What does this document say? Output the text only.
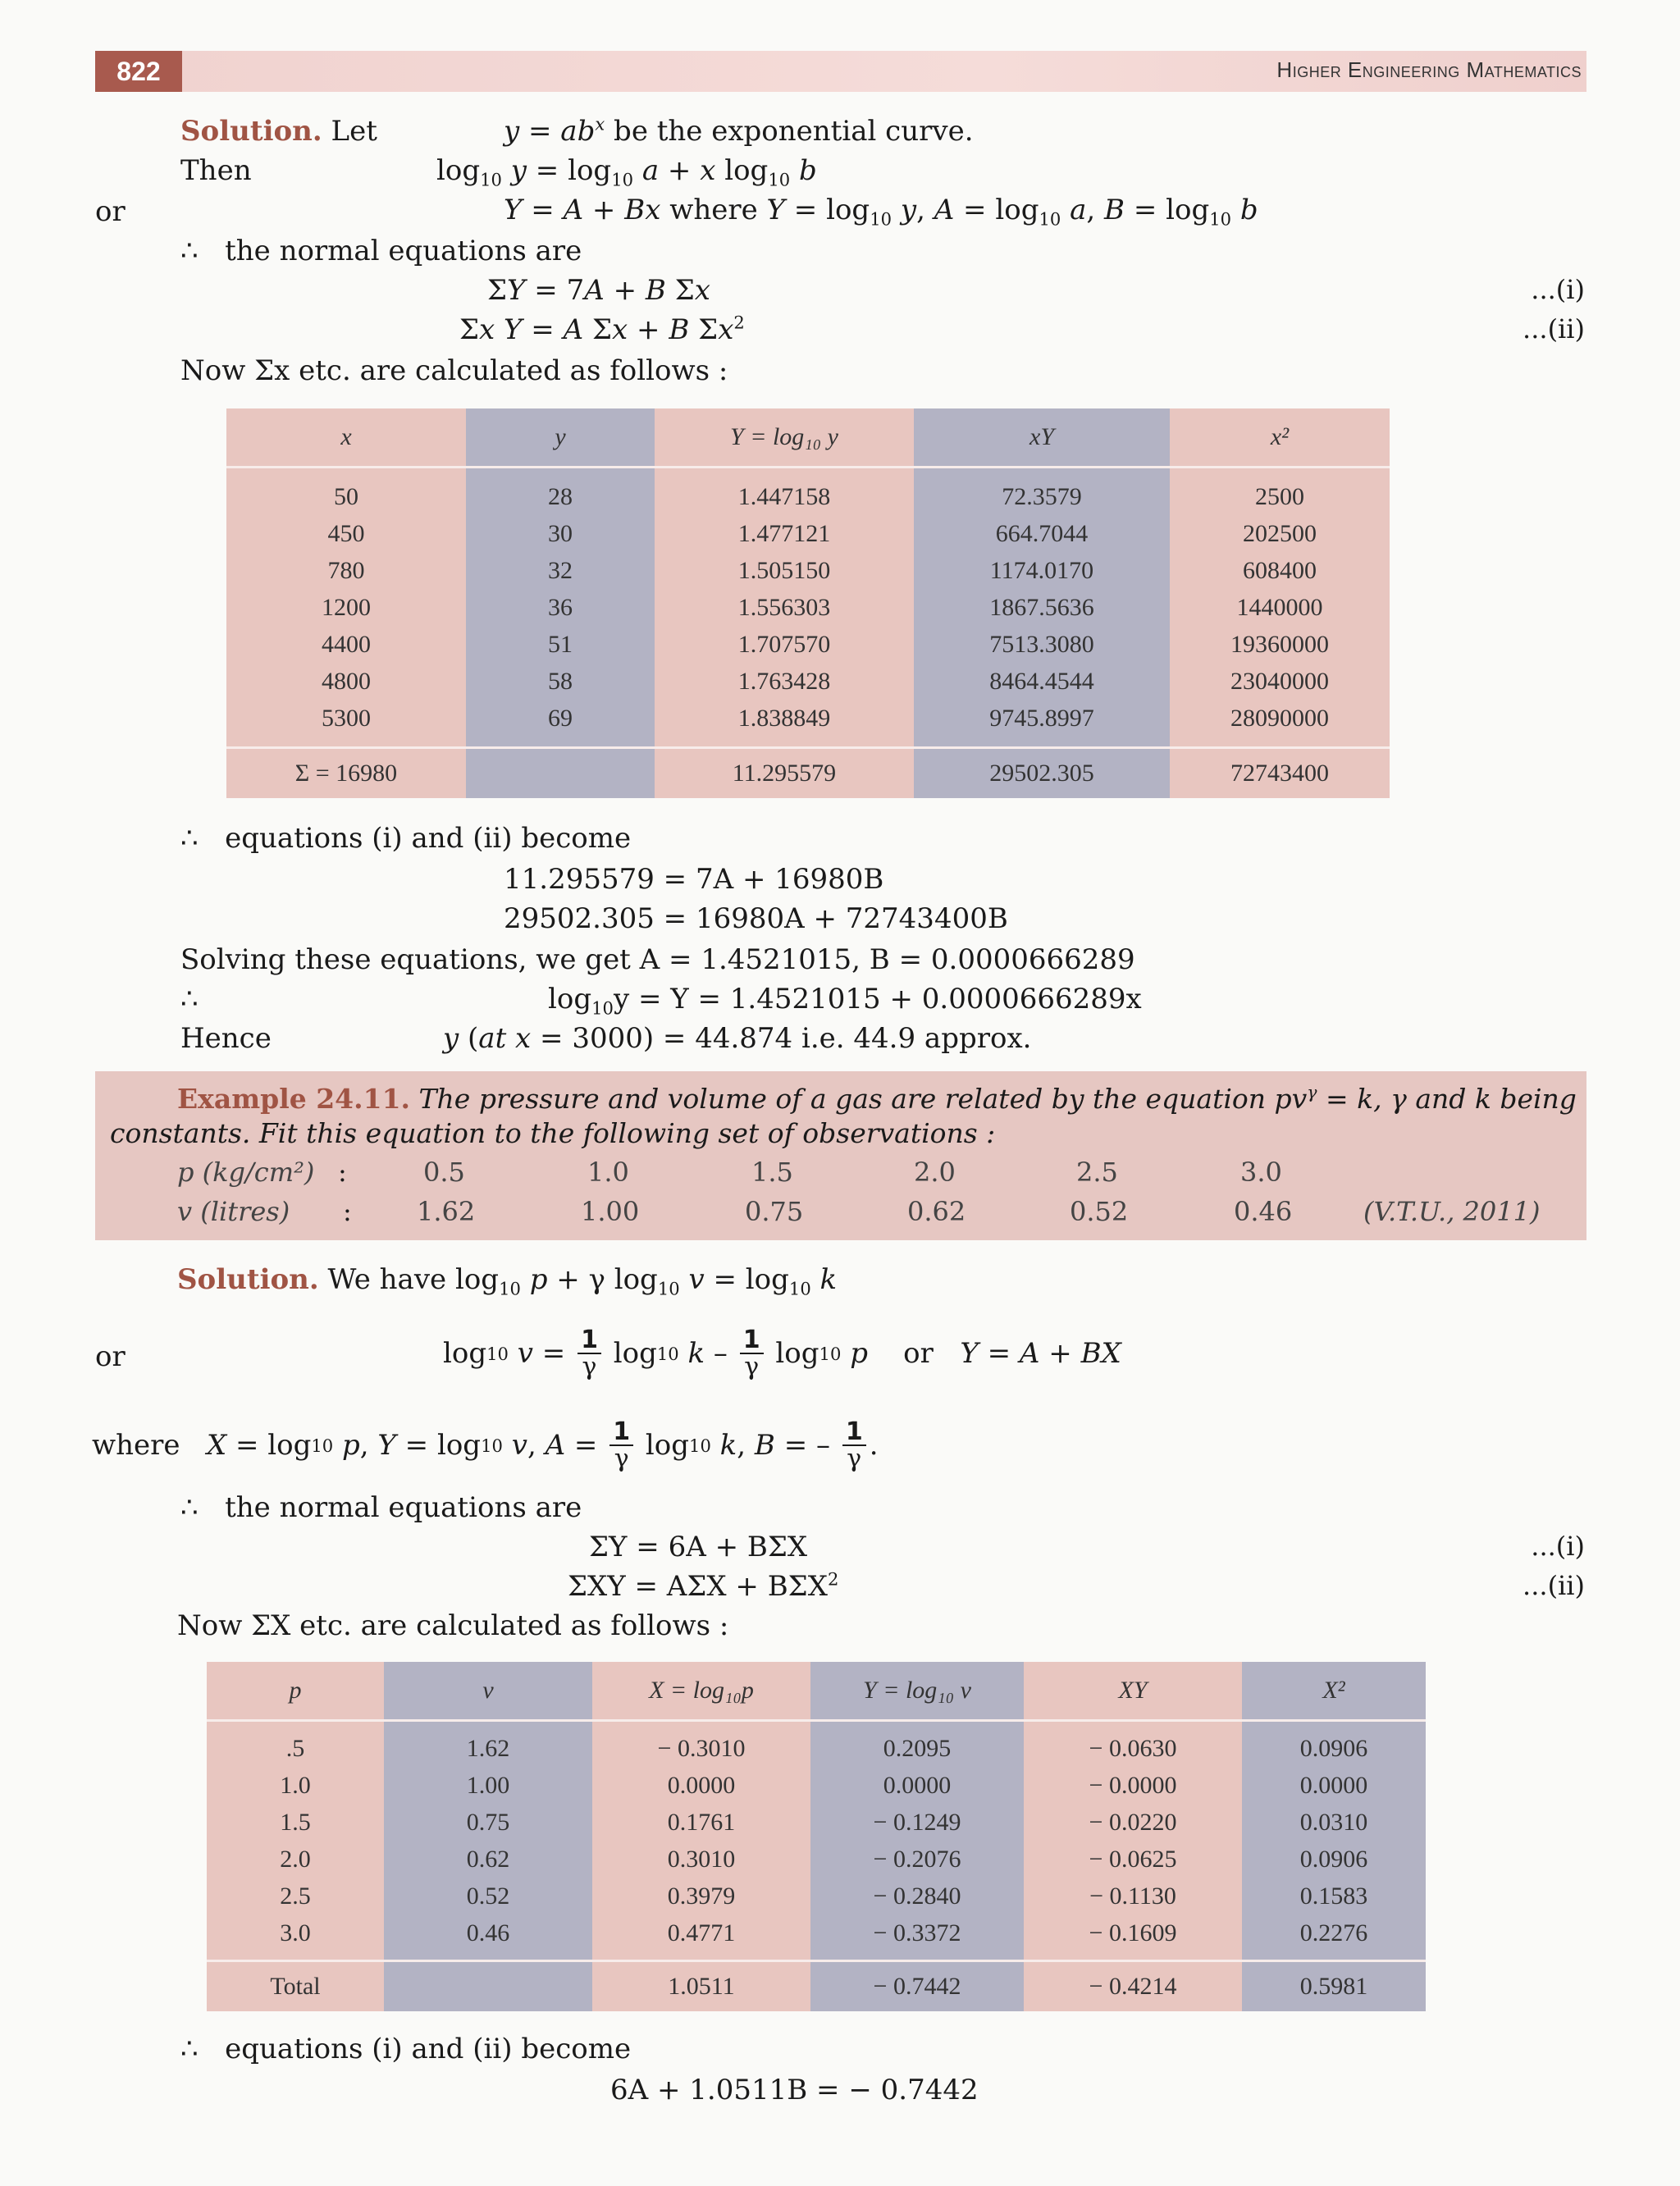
822	Higher Engineering Mathematics
Solution. Let	$y = ab^x$ be the exponential curve.
Then	$\log_{10} y = \log_{10} a + x$ $\log_{10} b$
or	Y = A + Bx where $Y = \log_{10} y$, $A = \log_{10} a$, $B = \log_{10} b$
∴ the normal equations are
ΣY = 7A + B Σx	...(i)
Σx Y = A Σx + B $\Sigma x^2$	...(ii)
Now Σx etc. are calculated as follows :
x	y	Y = log₁₀ y	xY	x²
50	28	1.447158	72.3579	2500
450	30	1.477121	664.7044	202500
780	32	1.505150	1174.0170	608400
1200	36	1.556303	1867.5636	1440000
4400	51	1.707570	7513.3080	19360000
4800	58	1.763428	8464.4544	23040000
5300	69	1.838849	9745.8997	28090000
Σ = 16980		11.295579	29502.305	72743400
∴ equations (i) and (ii) become
11.295579 = 7A + 16980B
29502.305 = 16980A + 72743400B
Solving these equations, we get A = 1.4521015, B = 0.0000666289
∴	$\log_{10}y = Y = 1.4521015 + 0.0000666289x$
Hence	y (at x = 3000) = 44.874 i.e. 44.9 approx.
Example 24.11. The pressure and volume of a gas are related by the equation $pv^\gamma = k$, γ and k being
constants. Fit this equation to the following set of observations :
p (kg/cm²) :	0.5	1.0	1.5	2.0	2.5	3.0
v (litres) : 1.62	1.00	0.75	0.62	0.52	0.46	(V.T.U., 2011)
Solution. We have $\log_{10} p + \gamma$ $\log_{10} v = \log_{10} k$
or	log 10
$v = \frac{1}{\gamma}$ log 10
k – $\frac{1}{\gamma}$ log 10
p or Y = A + BX
where
X = log 10
p , Y = log 10
v , $A = \frac{1}{\gamma}$ log 10
k , B = – $\frac{1}{\gamma}$ .
∴ the normal equations are
ΣY = 6A + BΣX	...(i)
$\Sigma XY = A\Sigma X + B\Sigma X^2$	...(ii)
Now ΣX etc. are calculated as follows :
p	v	X = log₁₀p	Y = log₁₀ v	XY	X²
.5	1.62	− 0.3010	0.2095	− 0.0630	0.0906
1.0	1.00	0.0000	0.0000	− 0.0000	0.0000
1.5	0.75	0.1761	− 0.1249	− 0.0220	0.0310
2.0	0.62	0.3010	− 0.2076	− 0.0625	0.0906
2.5	0.52	0.3979	− 0.2840	− 0.1130	0.1583
3.0	0.46	0.4771	− 0.3372	− 0.1609	0.2276
Total		1.0511	− 0.7442	− 0.4214	0.5981
∴ equations (i) and (ii) become
6A + 1.0511B = − 0.7442
